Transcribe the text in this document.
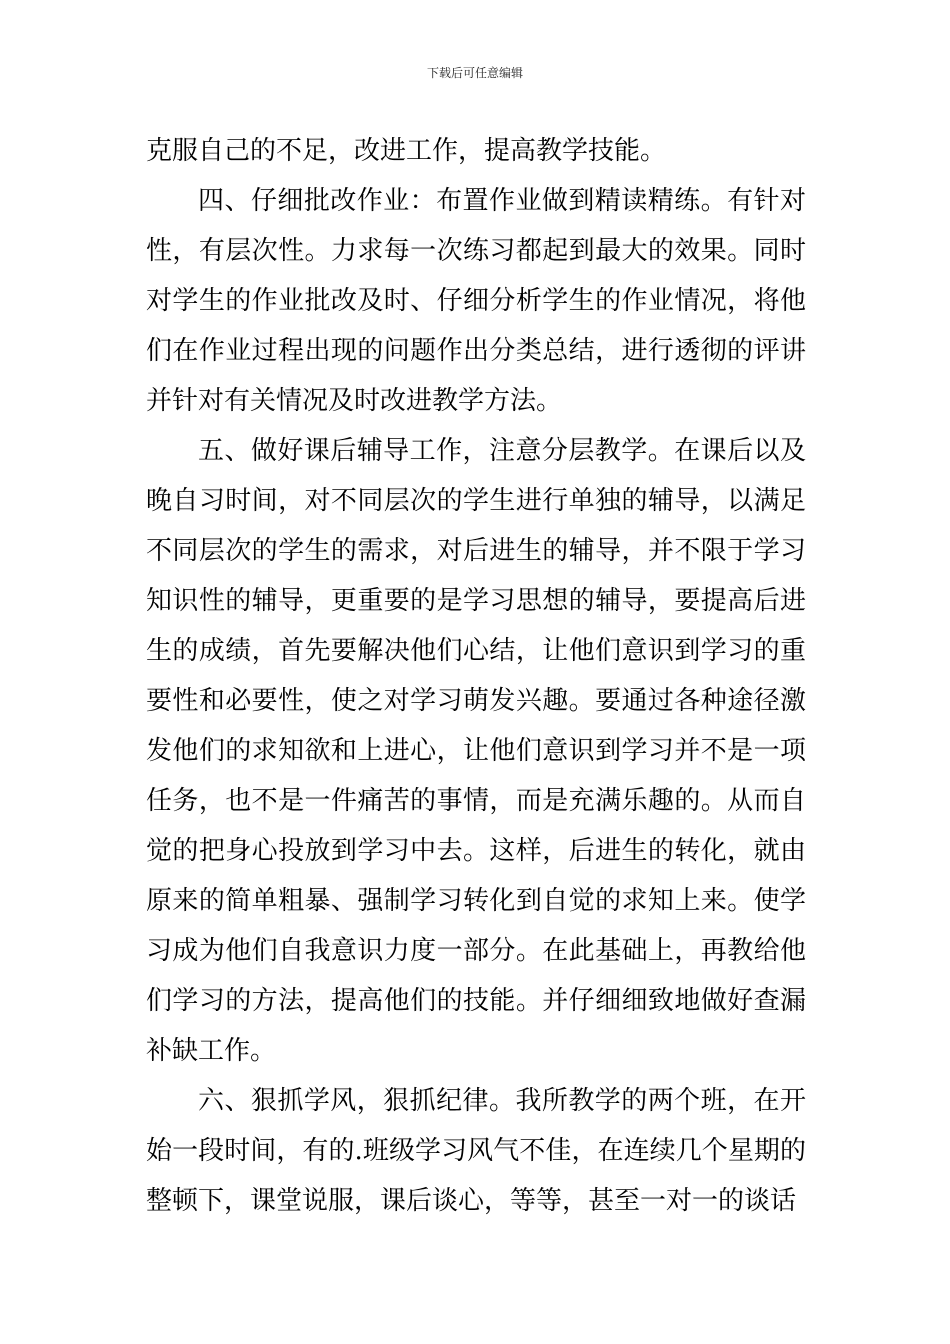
下载后可任意编辑

克服自己的不足，改进工作，提高教学技能。

四、仔细批改作业：布置作业做到精读精练。有针对性，有层次性。力求每一次练习都起到最大的效果。同时对学生的作业批改及时、仔细分析学生的作业情况，将他们在作业过程出现的问题作出分类总结，进行透彻的评讲并针对有关情况及时改进教学方法。

五、做好课后辅导工作，注意分层教学。在课后以及晚自习时间，对不同层次的学生进行单独的辅导，以满足不同层次的学生的需求，对后进生的辅导，并不限于学习知识性的辅导，更重要的是学习思想的辅导，要提高后进生的成绩，首先要解决他们心结，让他们意识到学习的重要性和必要性，使之对学习萌发兴趣。要通过各种途径激发他们的求知欲和上进心，让他们意识到学习并不是一项任务，也不是一件痛苦的事情，而是充满乐趣的。从而自觉的把身心投放到学习中去。这样，后进生的转化，就由原来的简单粗暴、强制学习转化到自觉的求知上来。使学习成为他们自我意识力度一部分。在此基础上，再教给他们学习的方法，提高他们的技能。并仔细细致地做好查漏补缺工作。

六、狠抓学风，狠抓纪律。我所教学的两个班，在开始一段时间，有的.班级学习风气不佳，在连续几个星期的整顿下，课堂说服，课后谈心，等等，甚至一对一的谈话
